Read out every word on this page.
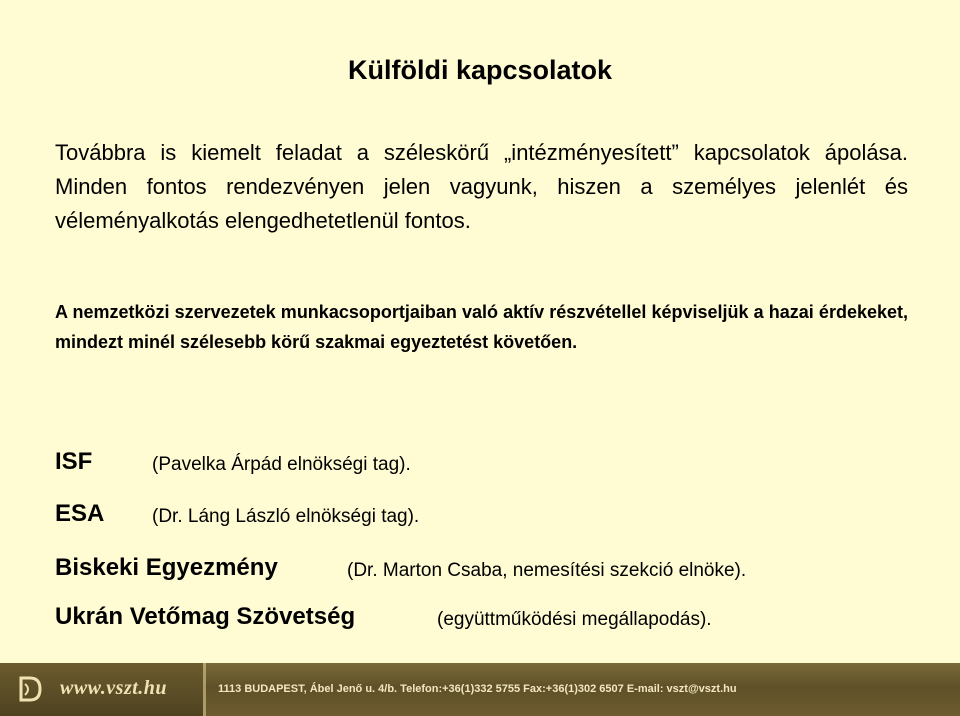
Külföldi kapcsolatok

Továbbra is kiemelt feladat a széleskörű „intézményesített” kapcsolatok ápolása. Minden fontos rendezvényen jelen vagyunk, hiszen a személyes jelenlét és véleményalkotás elengedhetetlenül fontos.

A nemzetközi szervezetek munkacsoportjaiban való aktív részvétellel képviseljük a hazai érdekeket, mindezt minél szélesebb körű szakmai egyeztetést követően.

ISF	(Pavelka Árpád elnökségi tag).
ESA	(Dr. Láng László elnökségi tag).
Biskeki Egyezmény	(Dr. Marton Csaba, nemesítési szekció elnöke).
Ukrán Vetőmag Szövetség	(együttműködési megállapodás).
www.vszt.hu	1113 BUDAPEST, Ábel Jenő u. 4/b. Telefon:+36(1)332 5755 Fax:+36(1)302 6507 E-mail: vszt@vszt.hu
